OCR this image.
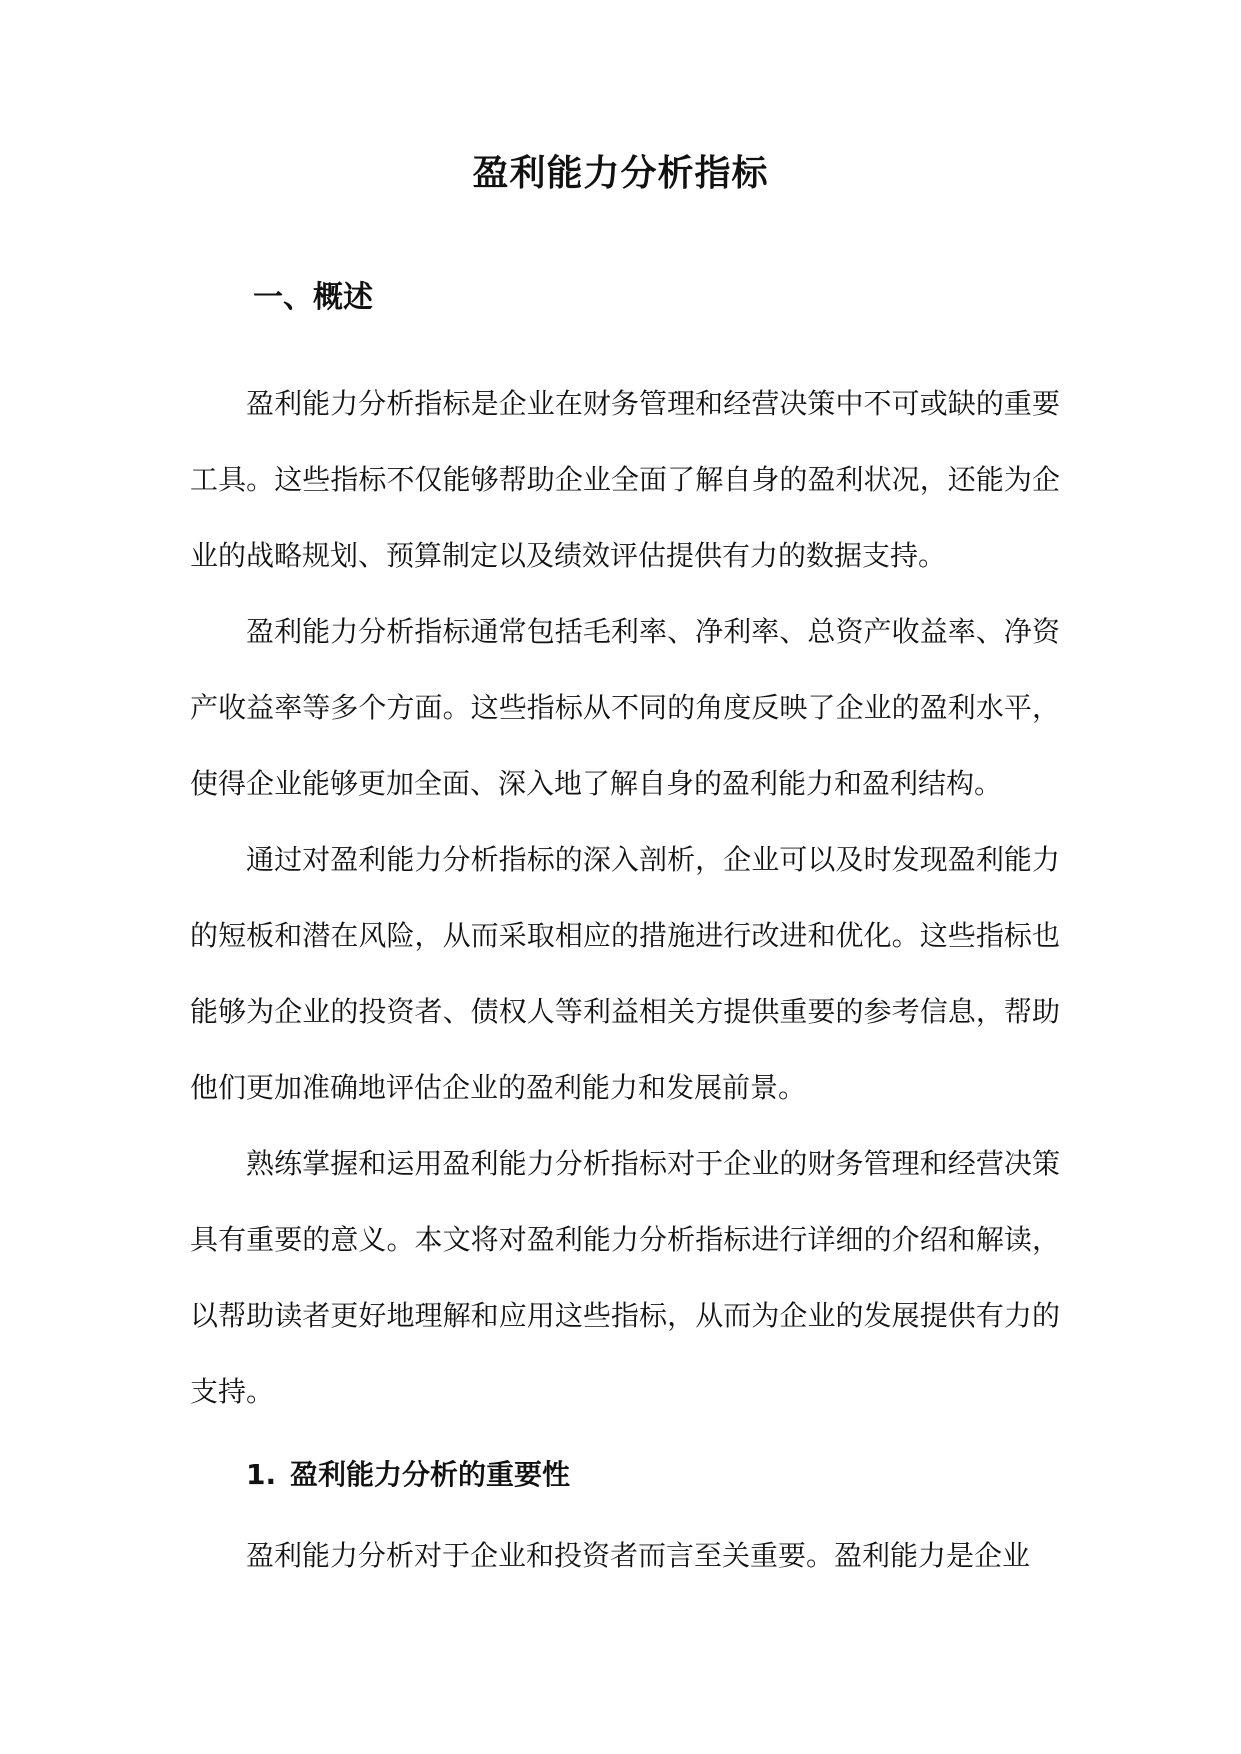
盈利能力分析指标
一、概述

盈利能力分析指标是企业在财务管理和经营决策中不可或缺的重要工具。这些指标不仅能够帮助企业全面了解自身的盈利状况，还能为企业的战略规划、预算制定以及绩效评估提供有力的数据支持。

盈利能力分析指标通常包括毛利率、净利率、总资产收益率、净资产收益率等多个方面。这些指标从不同的角度反映了企业的盈利水平，使得企业能够更加全面、深入地了解自身的盈利能力和盈利结构。

通过对盈利能力分析指标的深入剖析，企业可以及时发现盈利能力的短板和潜在风险，从而采取相应的措施进行改进和优化。这些指标也能够为企业的投资者、债权人等利益相关方提供重要的参考信息，帮助他们更加准确地评估企业的盈利能力和发展前景。

熟练掌握和运用盈利能力分析指标对于企业的财务管理和经营决策具有重要的意义。本文将对盈利能力分析指标进行详细的介绍和解读，以帮助读者更好地理解和应用这些指标，从而为企业的发展提供有力的支持。

1. 盈利能力分析的重要性

盈利能力分析对于企业和投资者而言至关重要。盈利能力是企业
